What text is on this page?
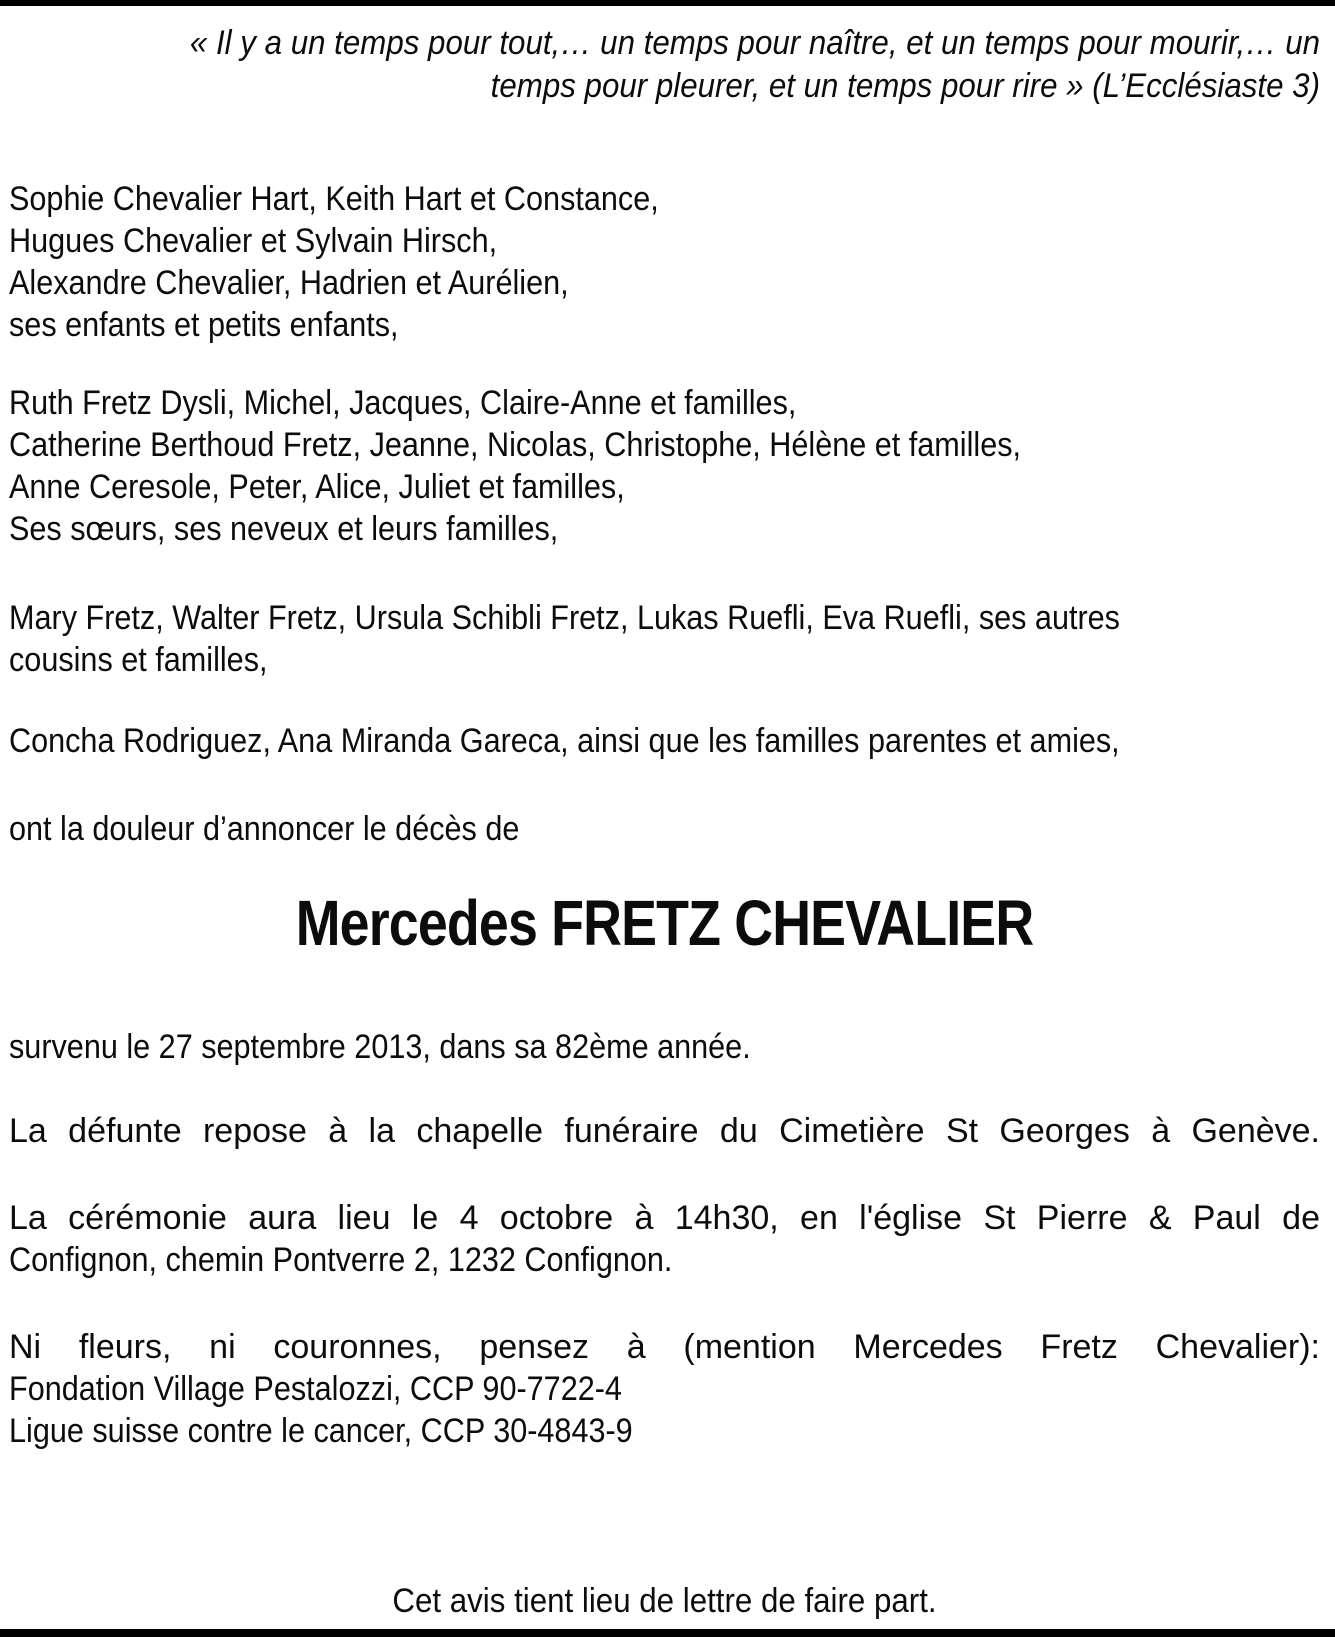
« Il y a un temps pour tout,… un temps pour naître, et un temps pour mourir,… un
temps pour pleurer, et un temps pour rire » (L’Ecclésiaste 3)
Sophie Chevalier Hart, Keith Hart et Constance,
Hugues Chevalier et Sylvain Hirsch,
Alexandre Chevalier, Hadrien et Aurélien,
ses enfants et petits enfants,
Ruth Fretz Dysli, Michel, Jacques, Claire-Anne et familles,
Catherine Berthoud Fretz, Jeanne, Nicolas, Christophe, Hélène et familles,
Anne Ceresole, Peter, Alice, Juliet et familles,
Ses sœurs, ses neveux et leurs familles,
Mary Fretz, Walter Fretz, Ursula Schibli Fretz, Lukas Ruefli, Eva Ruefli, ses autres
cousins et familles,
Concha Rodriguez, Ana Miranda Gareca, ainsi que les familles parentes et amies,
ont la douleur d’annoncer le décès de
Mercedes FRETZ CHEVALIER
survenu le 27 septembre 2013, dans sa 82ème année.
La défunte repose à la chapelle funéraire du Cimetière St Georges à Genève.
La cérémonie aura lieu le 4 octobre à 14h30, en l'église St Pierre & Paul de
Confignon, chemin Pontverre 2, 1232 Confignon.
Ni fleurs, ni couronnes, pensez à (mention Mercedes Fretz Chevalier):
Fondation Village Pestalozzi, CCP 90-7722-4
Ligue suisse contre le cancer, CCP 30-4843-9
Cet avis tient lieu de lettre de faire part.
